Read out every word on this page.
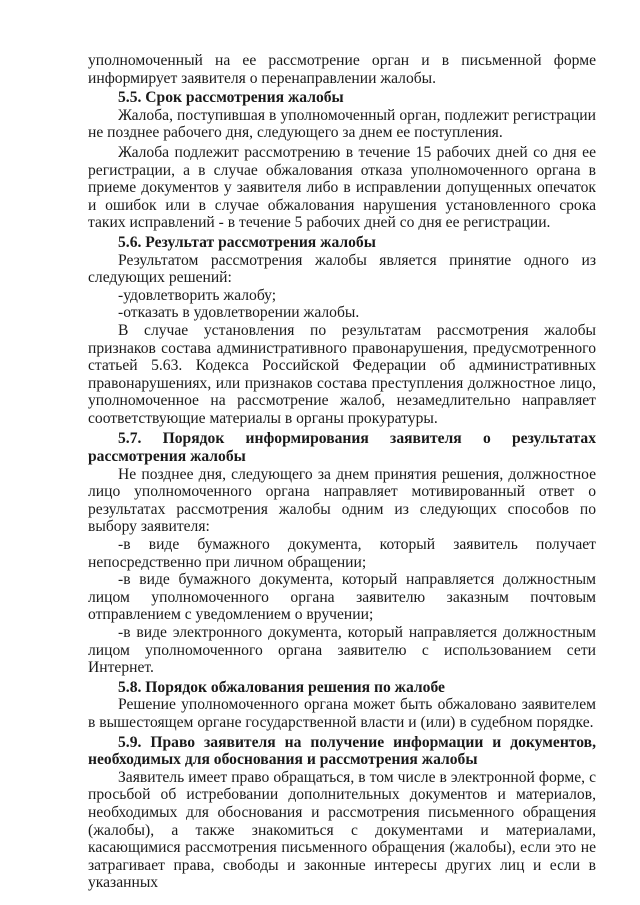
уполномоченный на ее рассмотрение орган и в письменной форме информирует заявителя о перенаправлении жалобы.

5.5. Срок рассмотрения жалобы

Жалоба, поступившая в уполномоченный орган, подлежит регистрации не позднее рабочего дня, следующего за днем ее поступления.

Жалоба подлежит рассмотрению в течение 15 рабочих дней со дня ее регистрации, а в случае обжалования отказа уполномоченного органа в приеме документов у заявителя либо в исправлении допущенных опечаток и ошибок или в случае обжалования нарушения установленного срока таких исправлений - в течение 5 рабочих дней со дня ее регистрации.

5.6. Результат рассмотрения жалобы

Результатом рассмотрения жалобы является принятие одного из следующих решений:

-удовлетворить жалобу;

-отказать в удовлетворении жалобы.

В случае установления по результатам рассмотрения жалобы признаков состава административного правонарушения, предусмотренного статьей 5.63. Кодекса Российской Федерации об административных правонарушениях, или признаков состава преступления должностное лицо, уполномоченное на рассмотрение жалоб, незамедлительно направляет соответствующие материалы в органы прокуратуры.

5.7. Порядок информирования заявителя о результатах рассмотрения жалобы

Не позднее дня, следующего за днем принятия решения, должностное лицо уполномоченного органа направляет мотивированный ответ о результатах рассмотрения жалобы одним из следующих способов по выбору заявителя:

-в виде бумажного документа, который заявитель получает непосредственно при личном обращении;

-в виде бумажного документа, который направляется должностным лицом уполномоченного органа заявителю заказным почтовым отправлением с уведомлением о вручении;

-в виде электронного документа, который направляется должностным лицом уполномоченного органа заявителю с использованием сети Интернет.

5.8. Порядок обжалования решения по жалобе

Решение уполномоченного органа может быть обжаловано заявителем в вышестоящем органе государственной власти и (или) в судебном порядке.

5.9. Право заявителя на получение информации и документов, необходимых для обоснования и рассмотрения жалобы

Заявитель имеет право обращаться, в том числе в электронной форме, с просьбой об истребовании дополнительных документов и материалов, необходимых для обоснования и рассмотрения письменного обращения (жалобы), а также знакомиться с документами и материалами, касающимися рассмотрения письменного обращения (жалобы), если это не затрагивает права, свободы и законные интересы других лиц и если в указанных
